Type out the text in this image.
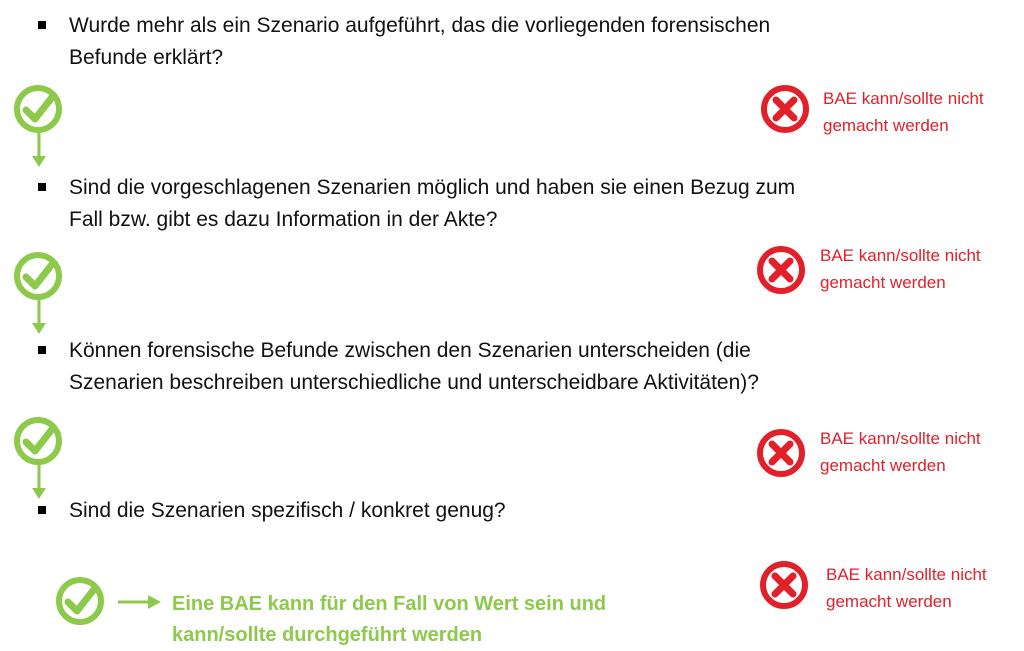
Wurde mehr als ein Szenario aufgeführt, das die vorliegenden forensischen
Befunde erklärt?
Sind die vorgeschlagenen Szenarien möglich und haben sie einen Bezug zum
Fall bzw. gibt es dazu Information in der Akte?
Können forensische Befunde zwischen den Szenarien unterscheiden (die
Szenarien beschreiben unterschiedliche und unterscheidbare Aktivitäten)?
Sind die Szenarien spezifisch / konkret genug?
Eine BAE kann für den Fall von Wert sein und
kann/sollte durchgeführt werden
BAE kann/sollte nicht
gemacht werden
BAE kann/sollte nicht
gemacht werden
BAE kann/sollte nicht
gemacht werden
BAE kann/sollte nicht
gemacht werden
